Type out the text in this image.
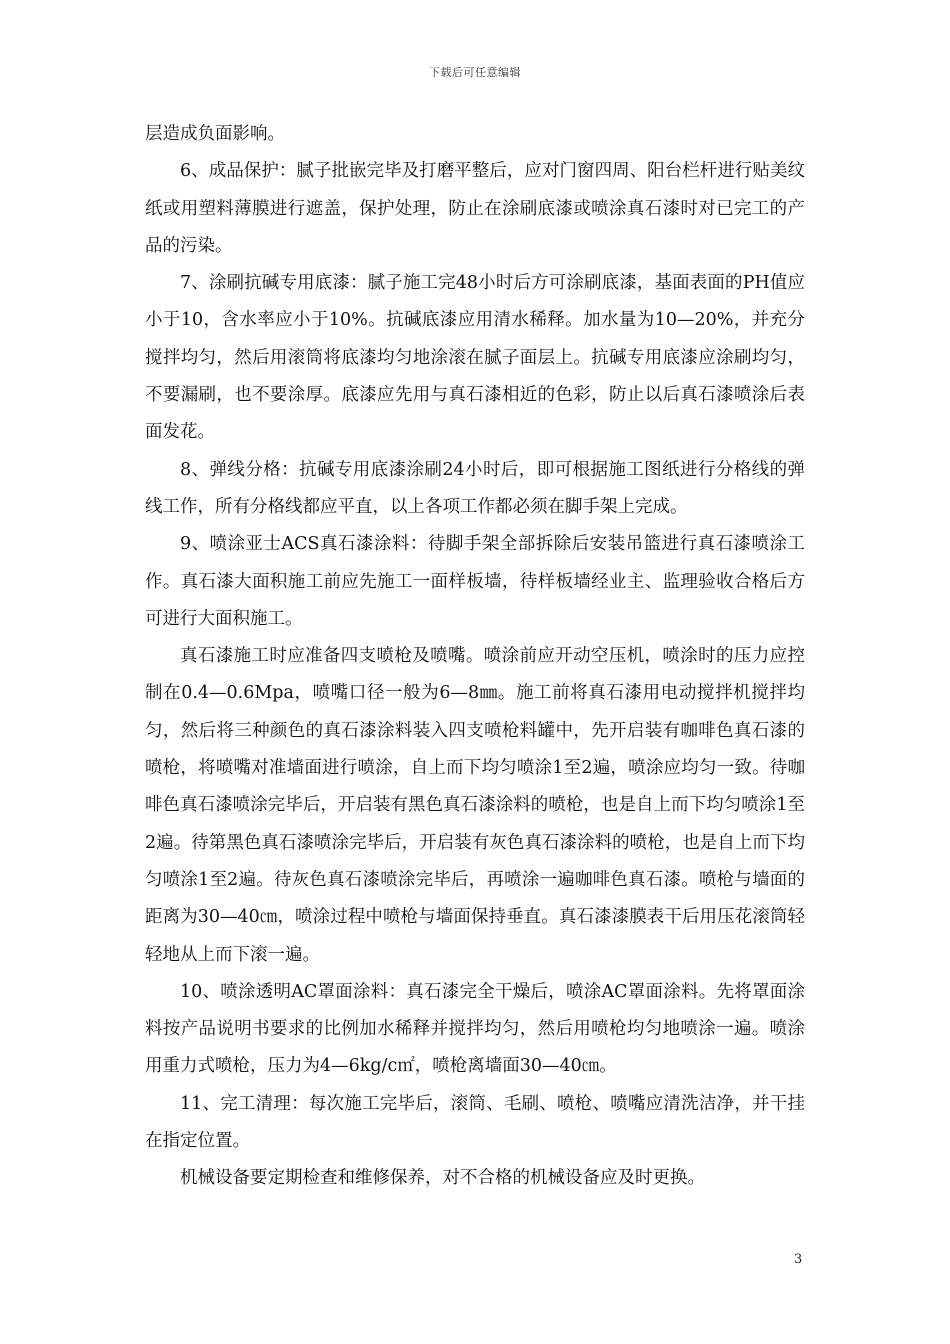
下载后可任意编辑

层造成负面影响。

6、成品保护：腻子批嵌完毕及打磨平整后，应对门窗四周、阳台栏杆进行贴美纹纸或用塑料薄膜进行遮盖，保护处理，防止在涂刷底漆或喷涂真石漆时对已完工的产品的污染。

7、涂刷抗碱专用底漆：腻子施工完48小时后方可涂刷底漆，基面表面的PH值应小于10，含水率应小于10%。抗碱底漆应用清水稀释。加水量为10—20%，并充分搅拌均匀，然后用滚筒将底漆均匀地涂滚在腻子面层上。抗碱专用底漆应涂刷均匀，不要漏刷，也不要涂厚。底漆应先用与真石漆相近的色彩，防止以后真石漆喷涂后表面发花。

8、弹线分格：抗碱专用底漆涂刷24小时后，即可根据施工图纸进行分格线的弹线工作，所有分格线都应平直，以上各项工作都必须在脚手架上完成。

9、喷涂亚士ACS真石漆涂料：待脚手架全部拆除后安装吊篮进行真石漆喷涂工作。真石漆大面积施工前应先施工一面样板墙，待样板墙经业主、监理验收合格后方可进行大面积施工。

真石漆施工时应准备四支喷枪及喷嘴。喷涂前应开动空压机，喷涂时的压力应控制在0.4—0.6Mpa，喷嘴口径一般为6—8㎜。施工前将真石漆用电动搅拌机搅拌均匀，然后将三种颜色的真石漆涂料装入四支喷枪料罐中，先开启装有咖啡色真石漆的喷枪，将喷嘴对准墙面进行喷涂，自上而下均匀喷涂1至2遍，喷涂应均匀一致。待咖啡色真石漆喷涂完毕后，开启装有黑色真石漆涂料的喷枪，也是自上而下均匀喷涂1至2遍。待第黑色真石漆喷涂完毕后，开启装有灰色真石漆涂料的喷枪，也是自上而下均匀喷涂1至2遍。待灰色真石漆喷涂完毕后，再喷涂一遍咖啡色真石漆。喷枪与墙面的距离为30—40㎝，喷涂过程中喷枪与墙面保持垂直。真石漆漆膜表干后用压花滚筒轻轻地从上而下滚一遍。

10、喷涂透明AC罩面涂料：真石漆完全干燥后，喷涂AC罩面涂料。先将罩面涂料按产品说明书要求的比例加水稀释并搅拌均匀，然后用喷枪均匀地喷涂一遍。喷涂用重力式喷枪，压力为4—6kg/c㎡，喷枪离墙面30—40㎝。

11、完工清理：每次施工完毕后，滚筒、毛刷、喷枪、喷嘴应清洗洁净，并干挂在指定位置。

机械设备要定期检查和维修保养，对不合格的机械设备应及时更换。

3
